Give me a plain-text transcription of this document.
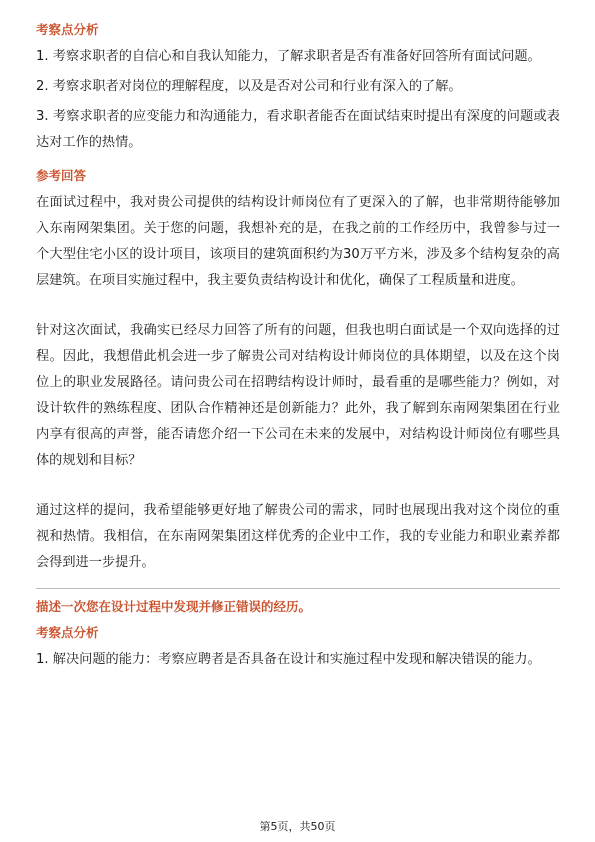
考察点分析

1. 考察求职者的自信心和自我认知能力，了解求职者是否有准备好回答所有面试问题。

2. 考察求职者对岗位的理解程度，以及是否对公司和行业有深入的了解。

3. 考察求职者的应变能力和沟通能力，看求职者能否在面试结束时提出有深度的问题或表达对工作的热情。

参考回答

在面试过程中，我对贵公司提供的结构设计师岗位有了更深入的了解，也非常期待能够加入东南网架集团。关于您的问题，我想补充的是，在我之前的工作经历中，我曾参与过一个大型住宅小区的设计项目，该项目的建筑面积约为30万平方米，涉及多个结构复杂的高层建筑。在项目实施过程中，我主要负责结构设计和优化，确保了工程质量和进度。

针对这次面试，我确实已经尽力回答了所有的问题，但我也明白面试是一个双向选择的过程。因此，我想借此机会进一步了解贵公司对结构设计师岗位的具体期望，以及在这个岗位上的职业发展路径。请问贵公司在招聘结构设计师时，最看重的是哪些能力？例如，对设计软件的熟练程度、团队合作精神还是创新能力？此外，我了解到东南网架集团在行业内享有很高的声誉，能否请您介绍一下公司在未来的发展中，对结构设计师岗位有哪些具体的规划和目标？

通过这样的提问，我希望能够更好地了解贵公司的需求，同时也展现出我对这个岗位的重视和热情。我相信，在东南网架集团这样优秀的企业中工作，我的专业能力和职业素养都会得到进一步提升。

描述一次您在设计过程中发现并修正错误的经历。
考察点分析

1. 解决问题的能力：考察应聘者是否具备在设计和实施过程中发现和解决错误的能力。

第5页，共50页
